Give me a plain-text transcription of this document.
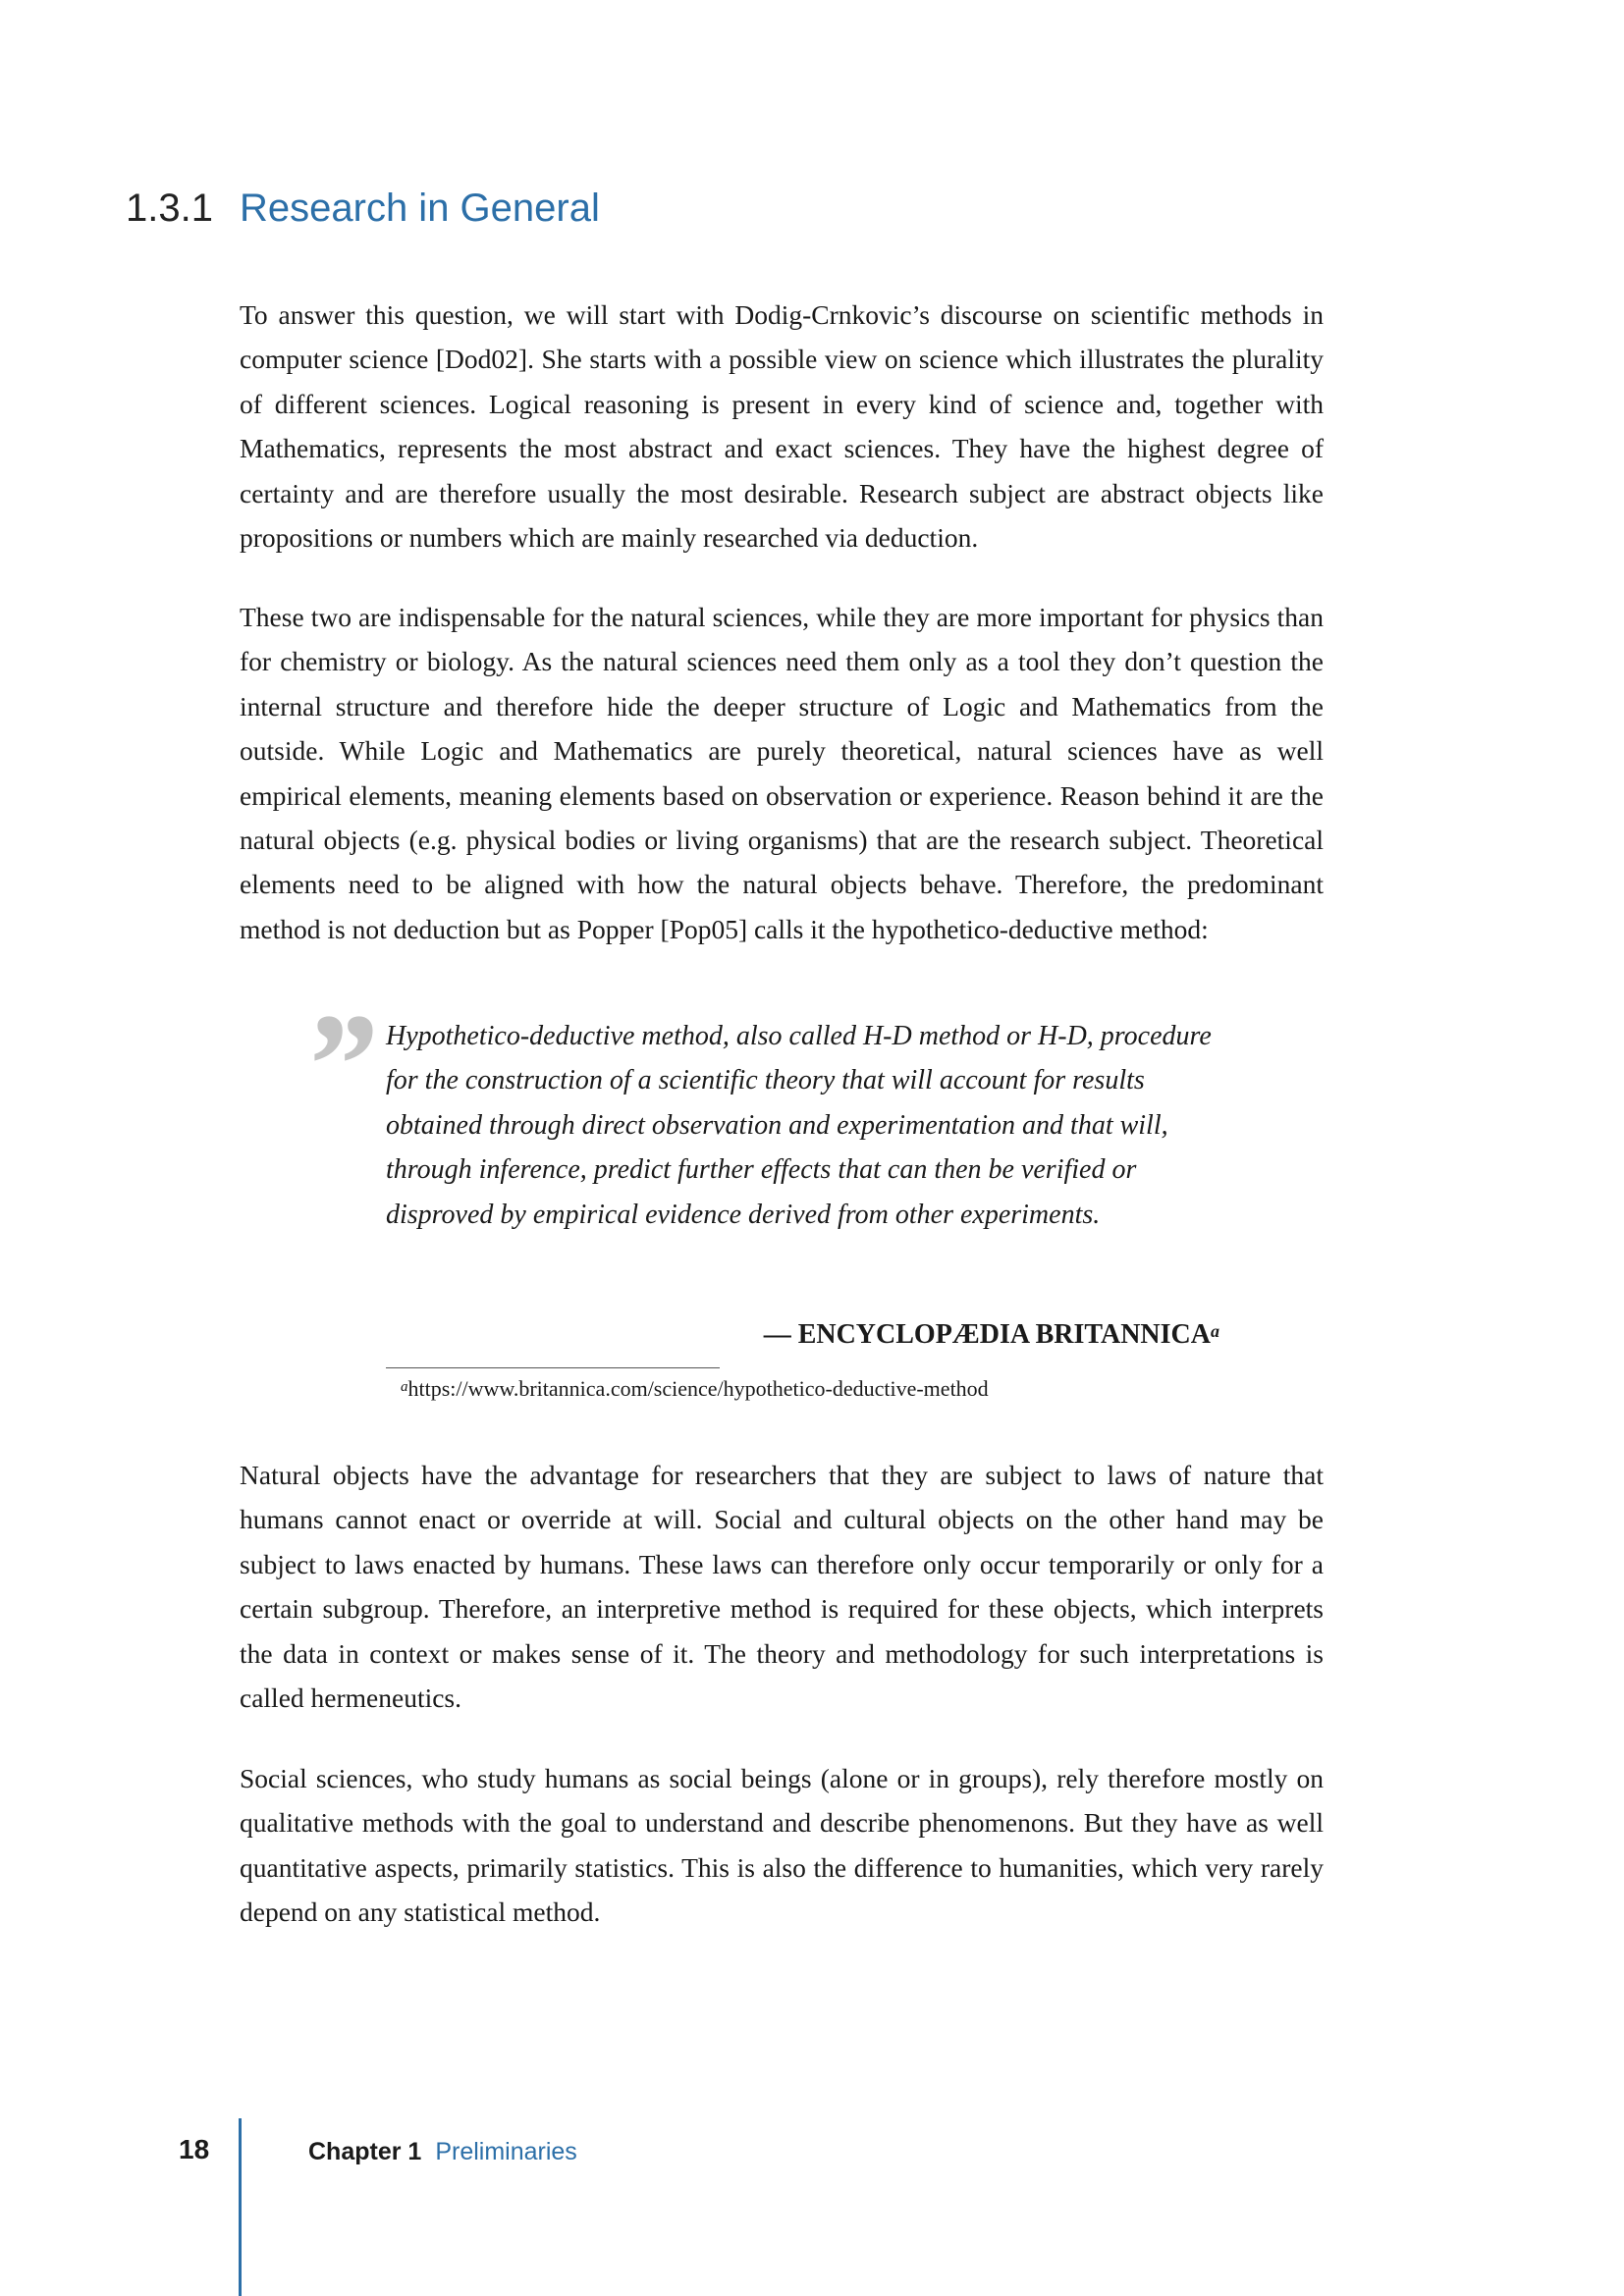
1.3.1 Research in General

To answer this question, we will start with Dodig-Crnkovic’s discourse on scientific methods in computer science [Dod02]. She starts with a possible view on science which illustrates the plurality of different sciences. Logical reasoning is present in every kind of science and, together with Mathematics, represents the most abstract and exact sciences. They have the highest degree of certainty and are therefore usually the most desirable. Research subject are abstract objects like propositions or numbers which are mainly researched via deduction.

These two are indispensable for the natural sciences, while they are more important for physics than for chemistry or biology. As the natural sciences need them only as a tool they don’t question the internal structure and therefore hide the deeper structure of Logic and Mathematics from the outside. While Logic and Mathematics are purely theoretical, natural sciences have as well empirical elements, meaning elements based on observation or experience. Reason behind it are the natural objects (e.g. physical bodies or living organisms) that are the research subject. Theoretical elements need to be aligned with how the natural objects behave. Therefore, the predominant method is not deduction but as Popper [Pop05] calls it the hypothetico-deductive method:

” Hypothetico-deductive method, also called H-D method or H-D, procedure for the construction of a scientific theory that will account for results obtained through direct observation and experimentation and that will, through inference, predict further effects that can then be verified or disproved by empirical evidence derived from other experiments.

— ENCYCLOPÆDIA BRITANNICA$^a$
$^a$https://www.britannica.com/science/hypothetico-deductive-method

Natural objects have the advantage for researchers that they are subject to laws of nature that humans cannot enact or override at will. Social and cultural objects on the other hand may be subject to laws enacted by humans. These laws can therefore only occur temporarily or only for a certain subgroup. Therefore, an interpretive method is required for these objects, which interprets the data in context or makes sense of it. The theory and methodology for such interpretations is called hermeneutics.

Social sciences, who study humans as social beings (alone or in groups), rely therefore mostly on qualitative methods with the goal to understand and describe phenomenons. But they have as well quantitative aspects, primarily statistics. This is also the difference to humanities, which very rarely depend on any statistical method.

18	Chapter 1 Preliminaries
